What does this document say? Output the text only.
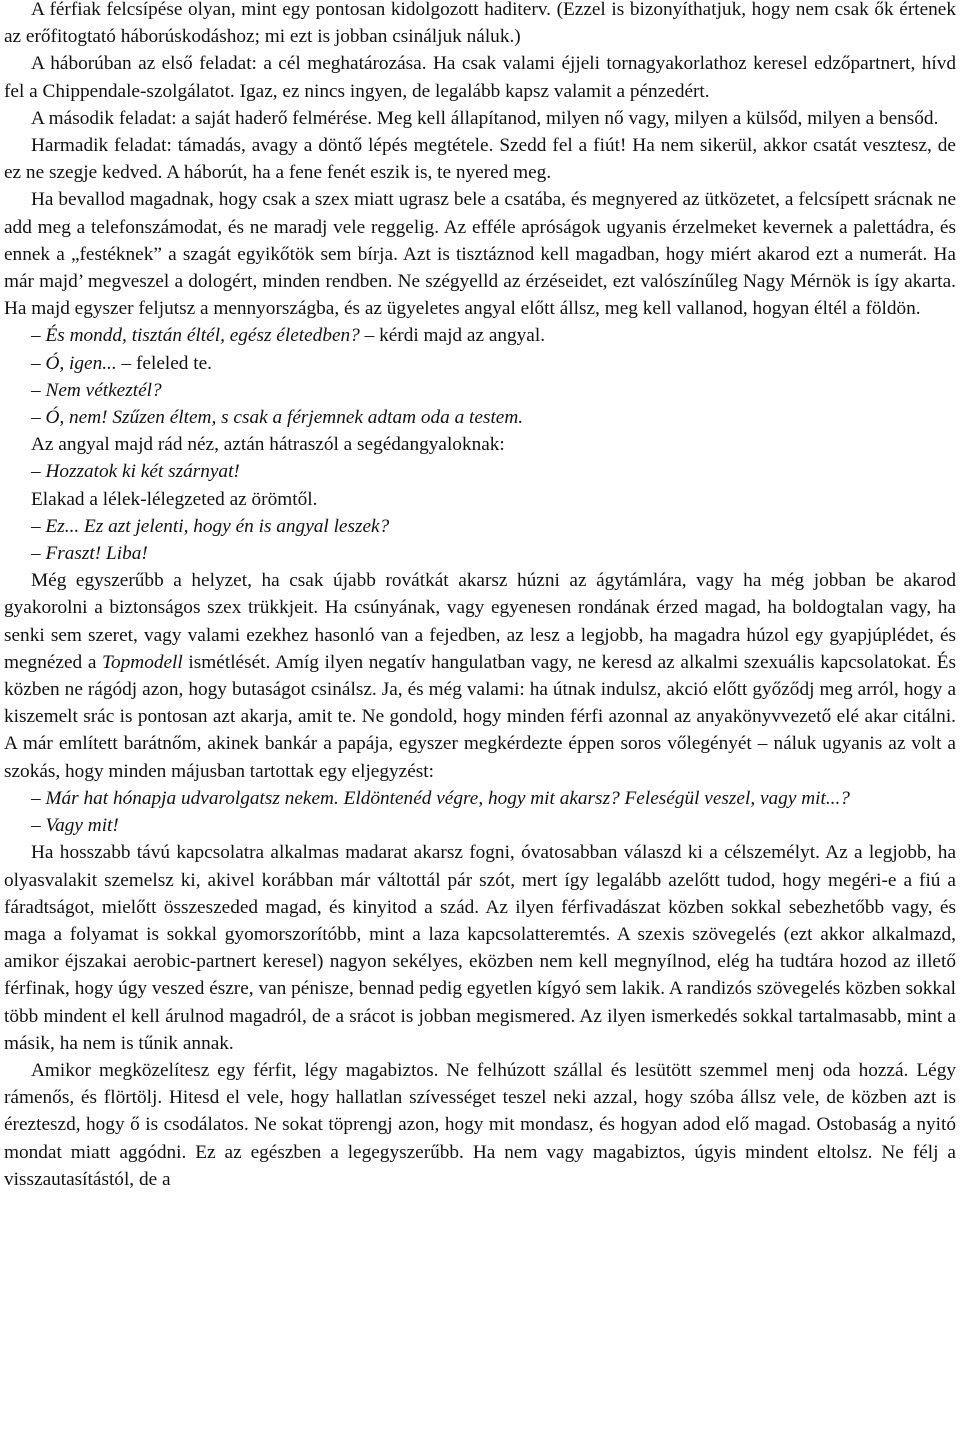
A férfiak felcsípése olyan, mint egy pontosan kidolgozott haditerv. (Ezzel is bizonyíthatjuk, hogy nem csak ők értenek az erőfitogtató háborúskodáshoz; mi ezt is jobban csináljuk náluk.)

A háborúban az első feladat: a cél meghatározása. Ha csak valami éjjeli tornagyakorlathoz keresel edzőpartnert, hívd fel a Chippendale-szolgálatot. Igaz, ez nincs ingyen, de legalább kapsz valamit a pénzedért.

A második feladat: a saját haderő felmérése. Meg kell állapítanod, milyen nő vagy, milyen a külsőd, milyen a bensőd.

Harmadik feladat: támadás, avagy a döntő lépés megtétele. Szedd fel a fiút! Ha nem sikerül, akkor csatát vesztesz, de ez ne szegje kedved. A háborút, ha a fene fenét eszik is, te nyered meg.

Ha bevallod magadnak, hogy csak a szex miatt ugrasz bele a csatába, és megnyered az ütközetet, a felcsípett srácnak ne add meg a telefonszámodat, és ne maradj vele reggelig. Az efféle apróságok ugyanis érzelmeket kevernek a palettádra, és ennek a „festéknek” a szagát egyikőtök sem bírja. Azt is tisztáznod kell magadban, hogy miért akarod ezt a numerát. Ha már majd’ megveszel a dologért, minden rendben. Ne szégyelld az érzéseidet, ezt valószínűleg Nagy Mérnök is így akarta. Ha majd egyszer feljutsz a mennyországba, és az ügyeletes angyal előtt állsz, meg kell vallanod, hogyan éltél a földön.

– És mondd, tisztán éltél, egész életedben? – kérdi majd az angyal.

– Ó, igen... – feleled te.

– Nem vétkeztél?

– Ó, nem! Szűzen éltem, s csak a férjemnek adtam oda a testem.

Az angyal majd rád néz, aztán hátraszól a segédangyaloknak:

– Hozzatok ki két szárnyat!

Elakad a lélek-lélegzeted az örömtől.

– Ez... Ez azt jelenti, hogy én is angyal leszek?

– Fraszt! Liba!

Még egyszerűbb a helyzet, ha csak újabb rovátkát akarsz húzni az ágytámlára, vagy ha még jobban be akarod gyakorolni a biztonságos szex trükkjeit. Ha csúnyának, vagy egyenesen rondának érzed magad, ha boldogtalan vagy, ha senki sem szeret, vagy valami ezekhez hasonló van a fejedben, az lesz a legjobb, ha magadra húzol egy gyapjúplédet, és megnézed a Topmodell ismétlését. Amíg ilyen negatív hangulatban vagy, ne keresd az alkalmi szexuális kapcsolatokat. És közben ne rágódj azon, hogy butaságot csinálsz. Ja, és még valami: ha útnak indulsz, akció előtt győződj meg arról, hogy a kiszemelt srác is pontosan azt akarja, amit te. Ne gondold, hogy minden férfi azonnal az anyakönyvvezető elé akar citálni. A már említett barátnőm, akinek bankár a papája, egyszer megkérdezte éppen soros vőlegényét – náluk ugyanis az volt a szokás, hogy minden májusban tartottak egy eljegyzést:

– Már hat hónapja udvarolgatsz nekem. Eldöntenéd végre, hogy mit akarsz? Feleségül veszel, vagy mit...?

– Vagy mit!

Ha hosszabb távú kapcsolatra alkalmas madarat akarsz fogni, óvatosabban válaszd ki a célszemélyt. Az a legjobb, ha olyasvalakit szemelsz ki, akivel korábban már váltottál pár szót, mert így legalább azelőtt tudod, hogy megéri-e a fiú a fáradtságot, mielőtt összeszeded magad, és kinyitod a szád. Az ilyen férfivadászat közben sokkal sebezhetőbb vagy, és maga a folyamat is sokkal gyomorszorítóbb, mint a laza kapcsolatteremtés. A szexis szövegelés (ezt akkor alkalmazd, amikor éjszakai aerobic-partnert keresel) nagyon sekélyes, eközben nem kell megnyílnod, elég ha tudtára hozod az illető férfinak, hogy úgy veszed észre, van pénisze, bennad pedig egyetlen kígyó sem lakik. A randizós szövegelés közben sokkal több mindent el kell árulnod magadról, de a srácot is jobban megismered. Az ilyen ismerkedés sokkal tartalmasabb, mint a másik, ha nem is tűnik annak.

Amikor megközelítesz egy férfit, légy magabiztos. Ne felhúzott szállal és lesütött szemmel menj oda hozzá. Légy rámenős, és flörtölj. Hitesd el vele, hogy hallatlan szívességet teszel neki azzal, hogy szóba állsz vele, de közben azt is érezteszd, hogy ő is csodálatos. Ne sokat töprengj azon, hogy mit mondasz, és hogyan adod elő magad. Ostobaság a nyitó mondat miatt aggódni. Ez az egészben a legegyszerűbb. Ha nem vagy magabiztos, úgyis mindent eltolsz. Ne félj a visszautasítástól, de a
